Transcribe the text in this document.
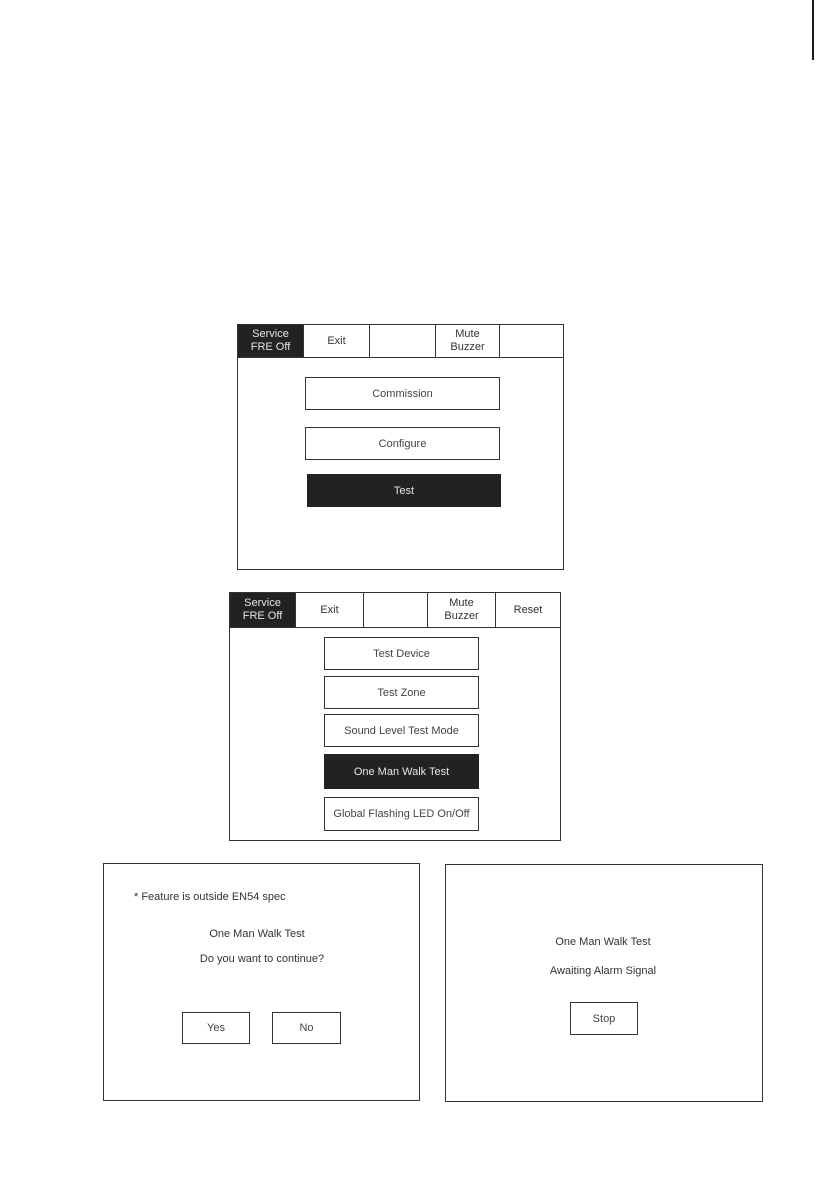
Service
FRE Off
Exit
Mute
Buzzer
Commission
Configure
Test
Service
FRE Off
Exit
Mute
Buzzer
Reset
Test Device
Test Zone
Sound Level Test Mode
One Man Walk Test
Global Flashing LED On/Off
* Feature is outside EN54 spec
One Man Walk Test
Do you want to continue?
Yes	No
One Man Walk Test
Awaiting Alarm Signal
Stop
